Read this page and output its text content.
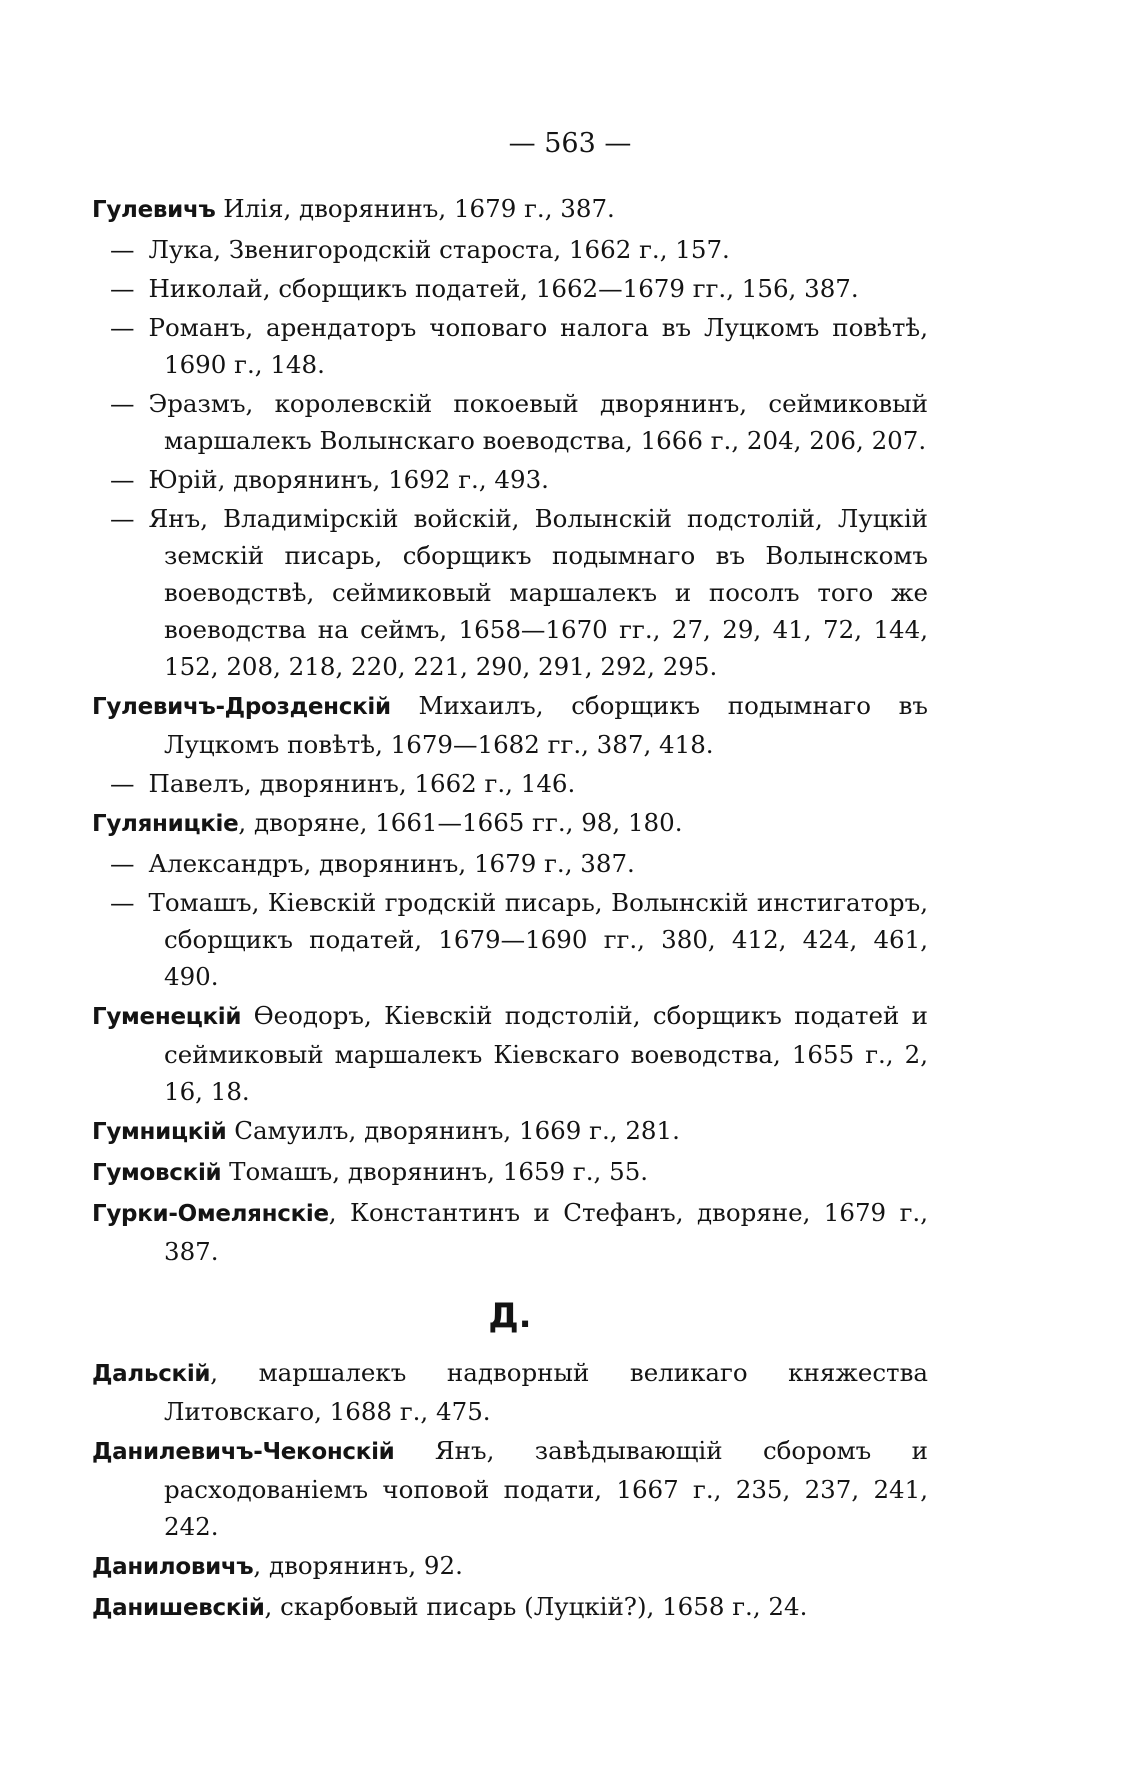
— 563 —

Гулевичъ Илія, дворянинъ, 1679 г., 387.

— Лука, Звенигородскій староста, 1662 г., 157.

— Николай, сборщикъ податей, 1662—1679 гг., 156, 387.

— Романъ, арендаторъ чоповаго налога въ Луцкомъ повѣтѣ, 1690 г., 148.

— Эразмъ, королевскій покоевый дворянинъ, сеймиковый маршалекъ Волынскаго воеводства, 1666 г., 204, 206, 207.

— Юрій, дворянинъ, 1692 г., 493.

— Янъ, Владимірскій войскій, Волынскій подстолій, Луцкій земскій писарь, сборщикъ подымнаго въ Волынскомъ воеводствѣ, сеймиковый маршалекъ и посолъ того же воеводства на сеймъ, 1658—1670 гг., 27, 29, 41, 72, 144, 152, 208, 218, 220, 221, 290, 291, 292, 295.

Гулевичъ-Дрозденскій Михаилъ, сборщикъ подымнаго въ Луцкомъ повѣтѣ, 1679—1682 гг., 387, 418.

— Павелъ, дворянинъ, 1662 г., 146.

Гуляницкіе, дворяне, 1661—1665 гг., 98, 180.

— Александръ, дворянинъ, 1679 г., 387.

— Томашъ, Кіевскій гродскій писарь, Волынскій инстигаторъ, сборщикъ податей, 1679—1690 гг., 380, 412, 424, 461, 490.

Гуменецкій Ѳеодоръ, Кіевскій подстолій, сборщикъ податей и сеймиковый маршалекъ Кіевскаго воеводства, 1655 г., 2, 16, 18.

Гумницкій Самуилъ, дворянинъ, 1669 г., 281.

Гумовскій Томашъ, дворянинъ, 1659 г., 55.

Гурки-Омелянскіе, Константинъ и Стефанъ, дворяне, 1679 г., 387.

Д.

Дальскій, маршалекъ надворный великаго княжества Литовскаго, 1688 г., 475.

Данилевичъ-Чеконскій Янъ, завѣдывающій сборомъ и расходованіемъ чоповой подати, 1667 г., 235, 237, 241, 242.

Даниловичъ, дворянинъ, 92.

Данишевскій, скарбовый писарь (Луцкій?), 1658 г., 24.
